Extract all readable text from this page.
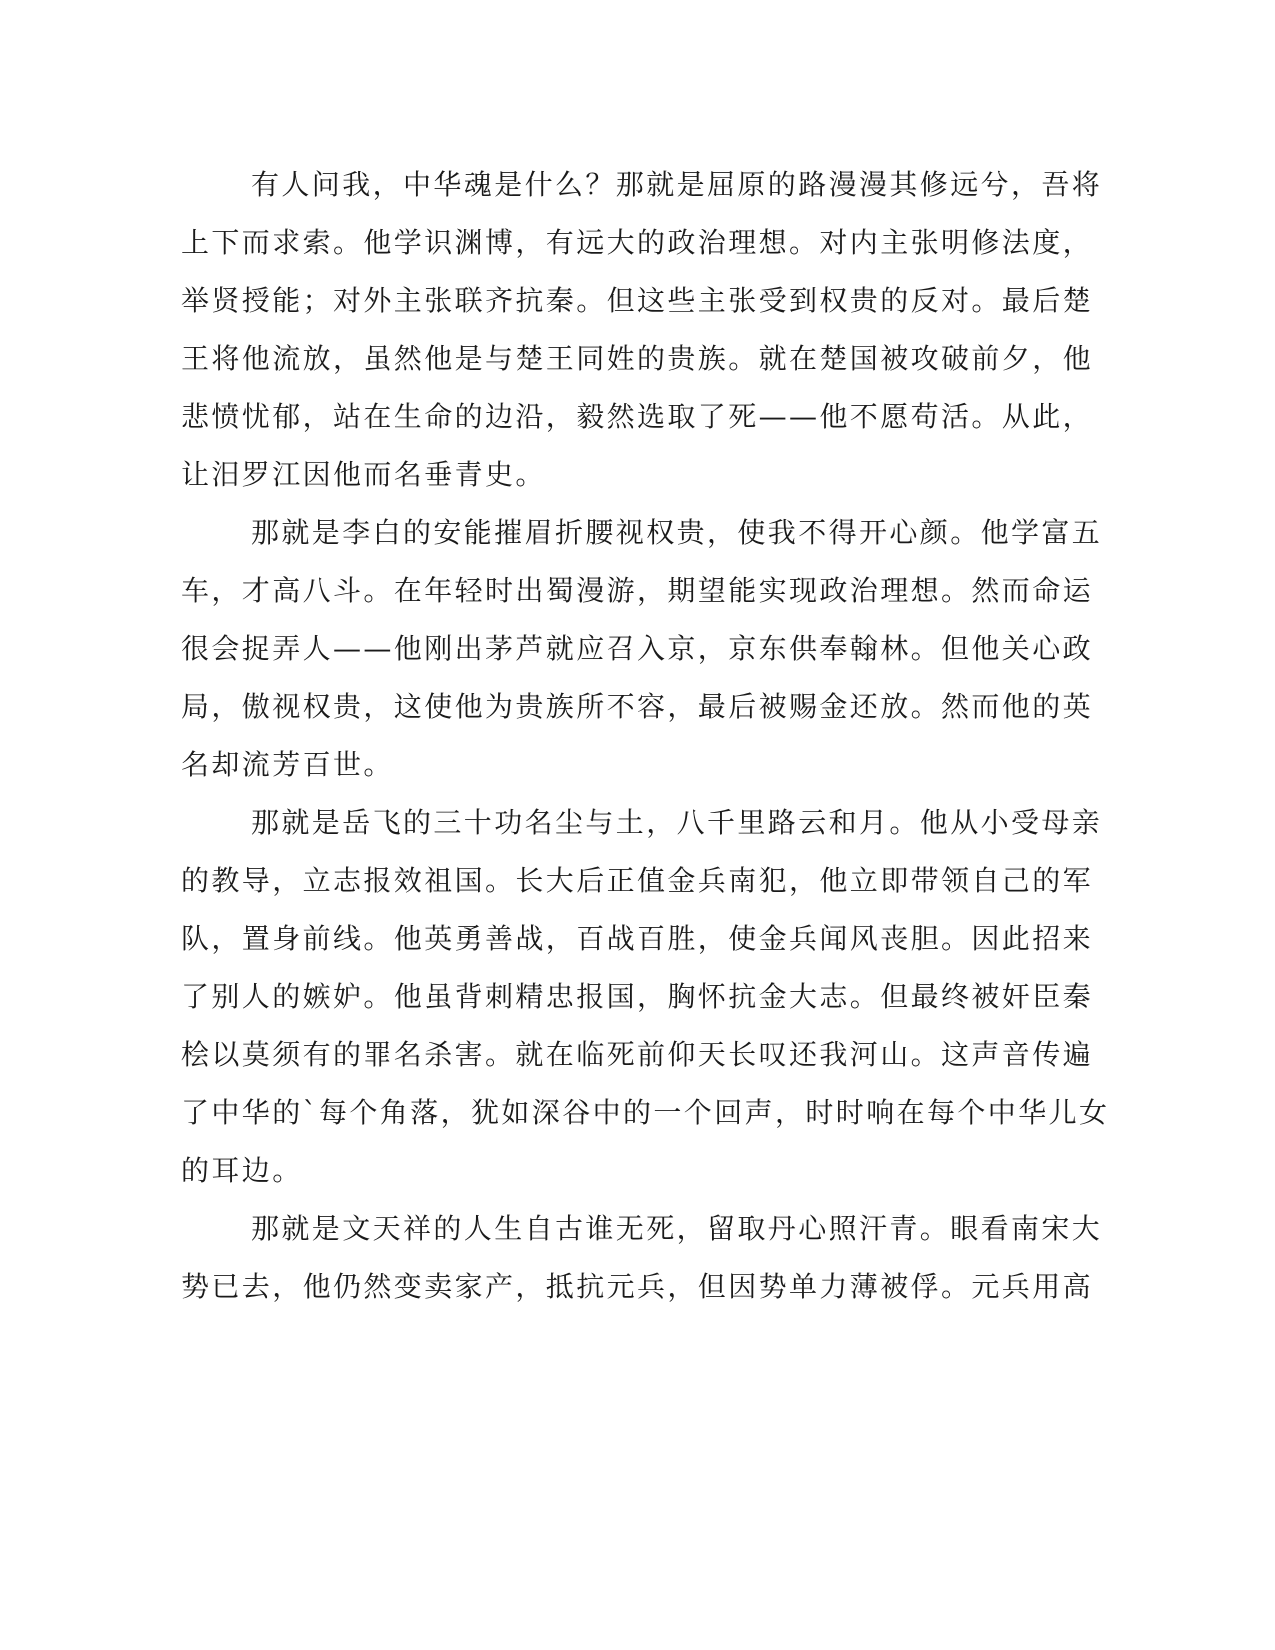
有人问我，中华魂是什么？那就是屈原的路漫漫其修远兮，吾将
上下而求索。他学识渊博，有远大的政治理想。对内主张明修法度，
举贤授能；对外主张联齐抗秦。但这些主张受到权贵的反对。最后楚
王将他流放，虽然他是与楚王同姓的贵族。就在楚国被攻破前夕，他
悲愤忧郁，站在生命的边沿，毅然选取了死——他不愿苟活。从此，
让汨罗江因他而名垂青史。
那就是李白的安能摧眉折腰视权贵，使我不得开心颜。他学富五
车，才高八斗。在年轻时出蜀漫游，期望能实现政治理想。然而命运
很会捉弄人——他刚出茅芦就应召入京，京东供奉翰林。但他关心政
局，傲视权贵，这使他为贵族所不容，最后被赐金还放。然而他的英
名却流芳百世。
那就是岳飞的三十功名尘与土，八千里路云和月。他从小受母亲
的教导，立志报效祖国。长大后正值金兵南犯，他立即带领自己的军
队，置身前线。他英勇善战，百战百胜，使金兵闻风丧胆。因此招来
了别人的嫉妒。他虽背刺精忠报国，胸怀抗金大志。但最终被奸臣秦
桧以莫须有的罪名杀害。就在临死前仰天长叹还我河山。这声音传遍
了中华的`每个角落，犹如深谷中的一个回声，时时响在每个中华儿女
的耳边。
那就是文天祥的人生自古谁无死，留取丹心照汗青。眼看南宋大
势已去，他仍然变卖家产，抵抗元兵，但因势单力薄被俘。元兵用高
